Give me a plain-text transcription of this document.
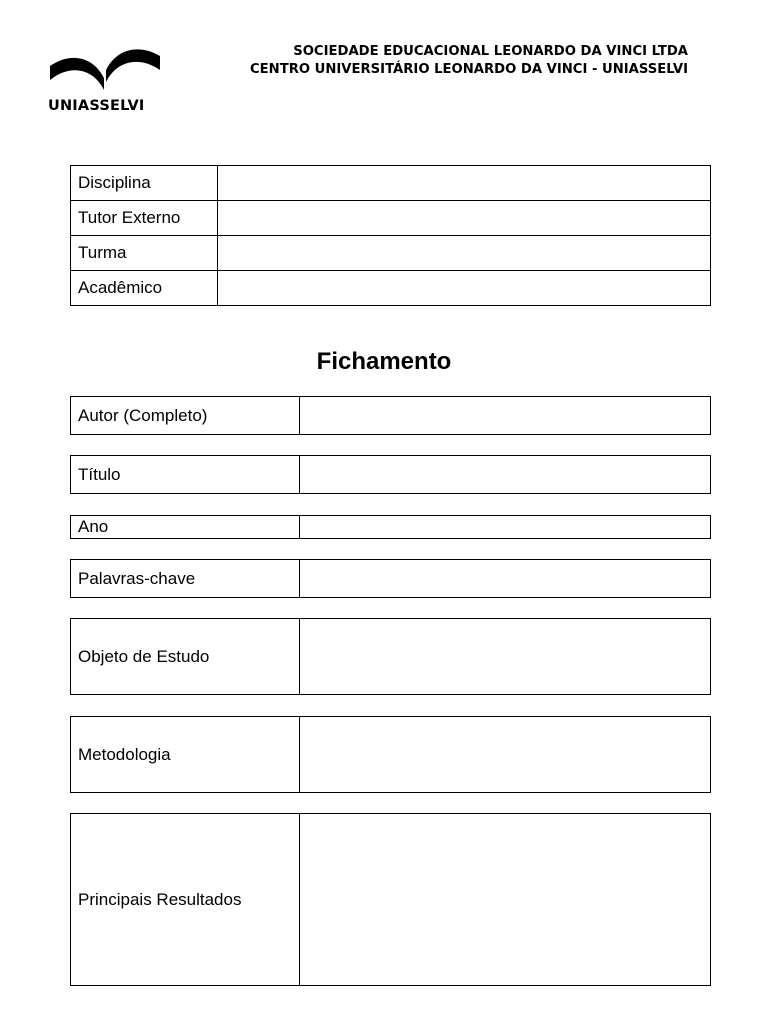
UNIASSELVI
SOCIEDADE EDUCACIONAL LEONARDO DA VINCI LTDA
CENTRO UNIVERSITÁRIO LEONARDO DA VINCI - UNIASSELVI
Disciplina	
Tutor Externo	
Turma	
Acadêmico	
Fichamento
Autor (Completo)	
Título	
Ano	
Palavras-chave	
Objeto de Estudo	
Metodologia	
Principais Resultados	
